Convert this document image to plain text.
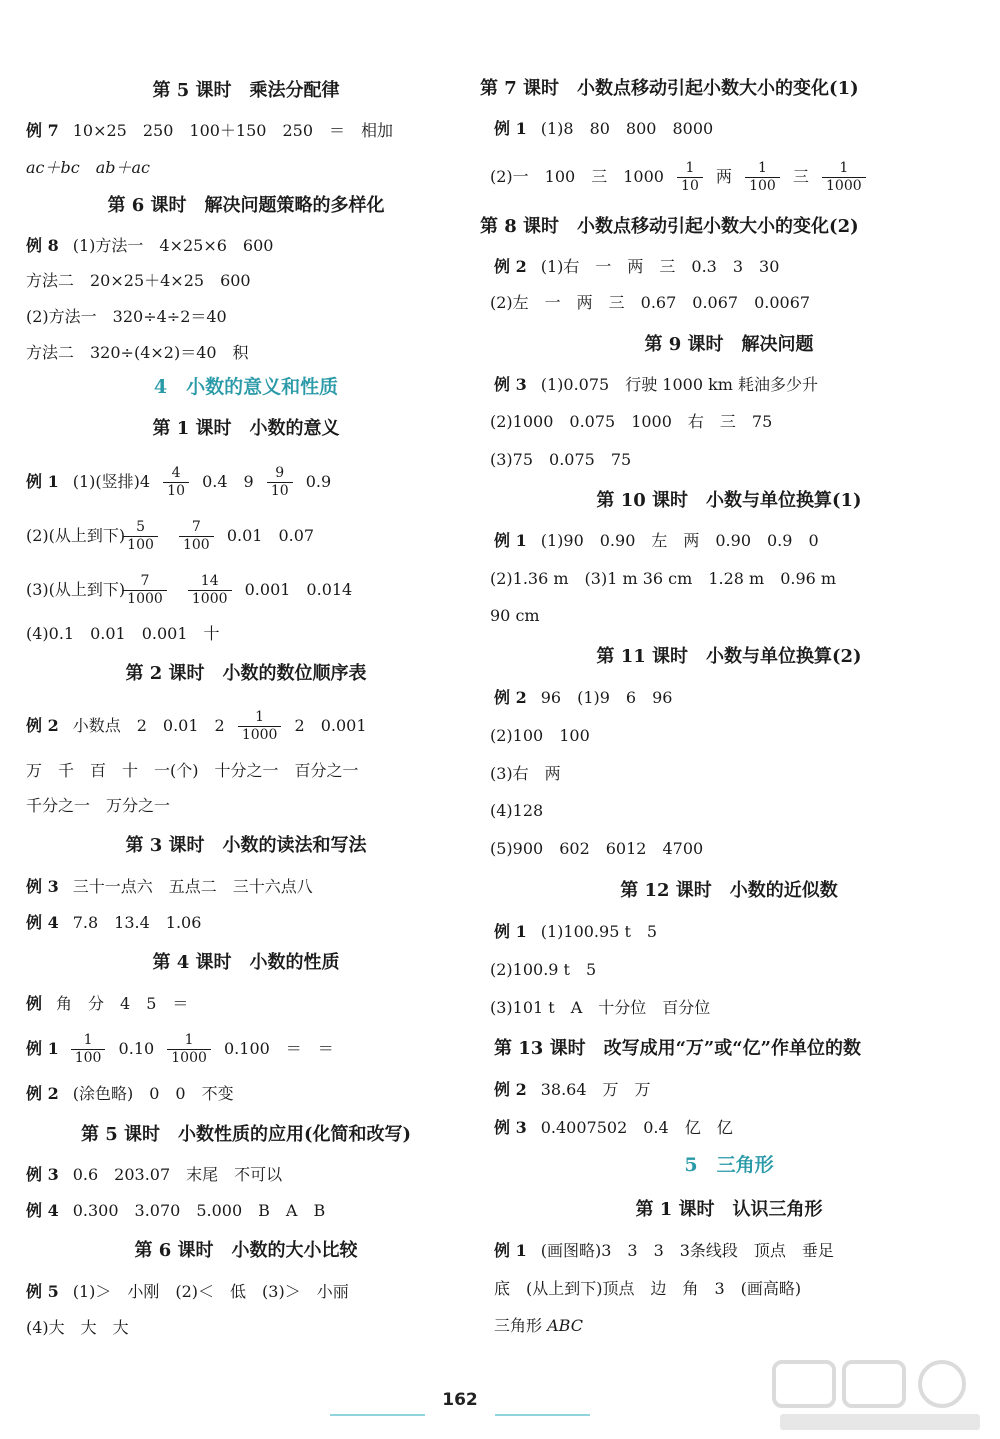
第 5 课时　乘法分配律
例 7 10×25　250　100＋150　250　＝　相加
ac＋bc　ab＋ac
第 6 课时　解决问题策略的多样化
例 8 (1)方法一　4×25×6　600
方法二　20×25＋4×25　600
(2)方法一　320÷4÷2＝40
方法二　320÷(4×2)＝40　积
4　小数的意义和性质
第 1 课时　小数的意义
例 1 (1)(竖排)$4 \frac{4}{10} 0.4$　$9 \frac{9}{10} 0.9$
(2)(从上到下) $\frac{5}{100}$
$\frac{7}{100} 0.01$　0.07
(3)(从上到下) $\frac{7}{1000}$
$\frac{14}{1000} 0.001$　0.014
(4)0.1　0.01　0.001　十
第 2 课时　小数的数位顺序表
例 2 小数点　2　0.01　$2 \frac{1}{1000} 2$　0.001
万　千　百　十　一(个)　十分之一　百分之一
千分之一　万分之一
第 3 课时　小数的读法和写法
例 3 三十一点六　五点二　三十六点八
例 4 7.8　13.4　1.06
第 4 课时　小数的性质
例 角　分　4　5　＝
例 $1 \frac{1}{100} 0.10 \frac{1}{1000} 0.100$　＝　＝
例 2 (涂色略)　0　0　不变
第 5 课时　小数性质的应用(化简和改写)
例 3 0.6　203.07　末尾　不可以
例 4 0.300　3.070　5.000　B　A　B
第 6 课时　小数的大小比较
例 5 (1)＞　小刚　(2)＜　低　(3)＞　小丽
(4)大　大　大
第 7 课时　小数点移动引起小数大小的变化(1)
例 1 (1)8　80　800　8000
(2)一　100　三　$1000 \frac{1}{10}$ 两 $\frac{1}{100}$ 三 $\frac{1}{1000}$
第 8 课时　小数点移动引起小数大小的变化(2)
例 2 (1)右　一　两　三　0.3　3　30
(2)左　一　两　三　0.67　0.067　0.0067
第 9 课时　解决问题
例 3 (1)0.075　行驶 1000 km 耗油多少升
(2)1000　0.075　1000　右　三　75
(3)75　0.075　75
第 10 课时　小数与单位换算(1)
例 1 (1)90　0.90　左　两　0.90　0.9　0
(2)1.36 m　(3)1 m 36 cm　1.28 m　0.96 m
90 cm
第 11 课时　小数与单位换算(2)
例 2 96　(1)9　6　96
(2)100　100
(3)右　两
(4)128
(5)900　602　6012　4700
第 12 课时　小数的近似数
例 1 (1)100.95 t　5
(2)100.9 t　5
(3)101 t　A　十分位　百分位
第 13 课时　改写成用“万”或“亿”作单位的数
例 2 38.64　万　万
例 3 0.4007502　0.4　亿　亿
5　三角形
第 1 课时　认识三角形
例 1 (画图略)3　3　3　3条线段　顶点　垂足
底　(从上到下)顶点　边　角　3　(画高略)
三角形 ABC
162
